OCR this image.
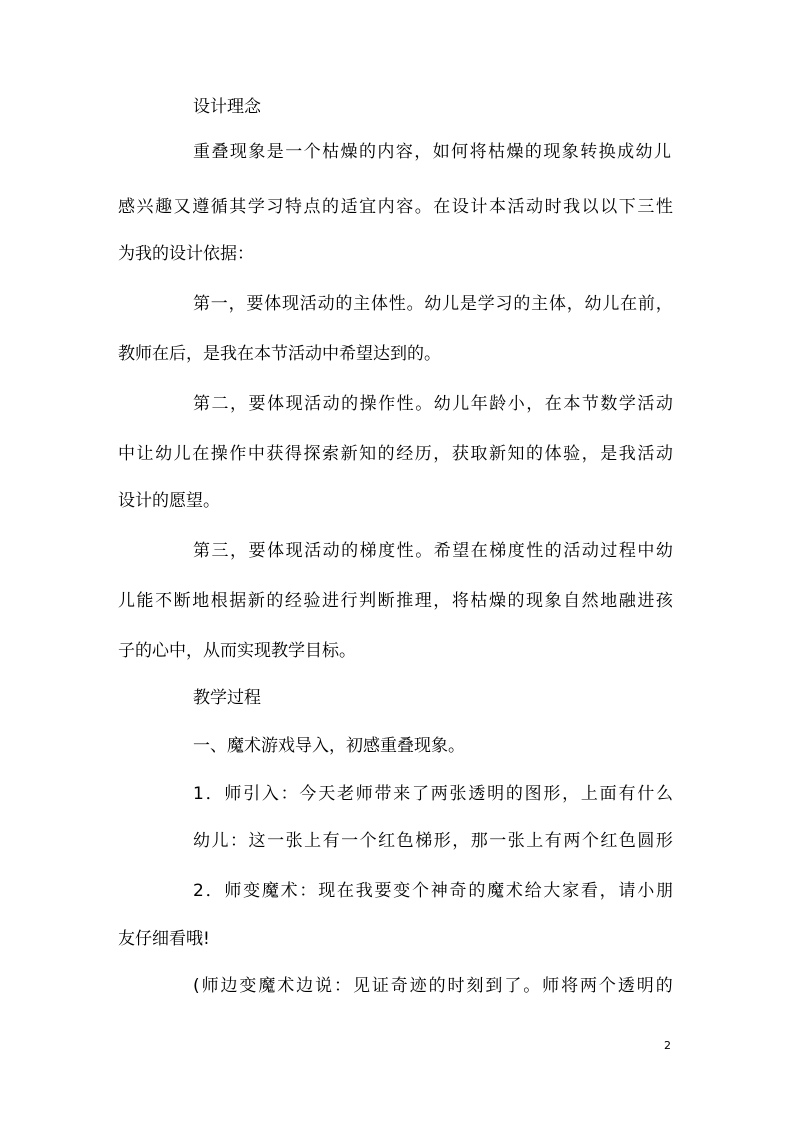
设计理念
重 叠 现 象 是 一 个 枯 燥 的 内 容 ， 如 何 将 枯 燥 的 现 象 转 换 成 幼 儿
感 兴 趣 又 遵 循 其 学 习 特 点 的 适 宜 内 容 。 在 设 计 本 活 动 时 我 以 以 下 三 性
为我的设计依据：
第 一 ， 要 体 现 活 动 的 主 体 性 。 幼 儿 是 学 习 的 主 体 ， 幼 儿 在 前 ，
教师在后，是我在本节活动中希望达到的。
第 二 ， 要 体 现 活 动 的 操 作 性 。 幼 儿 年 龄 小 ， 在 本 节 数 学 活 动
中 让 幼 儿 在 操 作 中 获 得 探 索 新 知 的 经 历 ， 获 取 新 知 的 体 验 ， 是 我 活 动
设计的愿望。
第 三 ， 要 体 现 活 动 的 梯 度 性 。 希 望 在 梯 度 性 的 活 动 过 程 中 幼
儿 能 不 断 地 根 据 新 的 经 验 进 行 判 断 推 理 ， 将 枯 燥 的 现 象 自 然 地 融 进 孩
子的心中，从而实现教学目标。
教学过程
一、魔术游戏导入，初感重叠现象。
1 ． 师 引 入 ： 今 天 老 师 带 来 了 两 张 透 明 的 图 形 ， 上 面 有 什 么
幼 儿 ： 这 一 张 上 有 一 个 红 色 梯 形 ， 那 一 张 上 有 两 个 红 色 圆 形
2 ． 师 变 魔 术 ： 现 在 我 要 变 个 神 奇 的 魔 术 给 大 家 看 ， 请 小 朋
友仔细看哦!
( 师 边 变 魔 术 边 说 ： 见 证 奇 迹 的 时 刻 到 了 。 师 将 两 个 透 明 的
2
